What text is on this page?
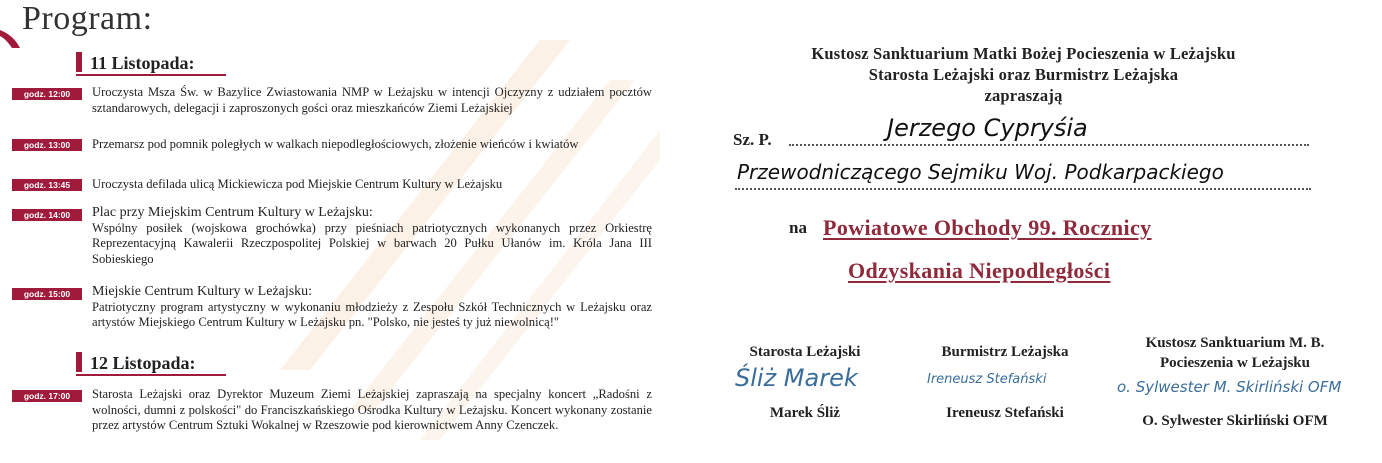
Program:
11 Listopada:
godz. 12:00	Uroczysta Msza Św. w Bazylice Zwiastowania NMP w Leżajsku w intencji Ojczyzny z udziałem pocztów sztandarowych, delegacji i zaproszonych gości oraz mieszkańców Ziemi Leżajskiej
godz. 13:00	Przemarsz pod pomnik poległych w walkach niepodległościowych, złożenie wieńców i kwiatów
godz. 13:45	Uroczysta defilada ulicą Mickiewicza pod Miejskie Centrum Kultury w Leżajsku
godz. 14:00	Plac przy Miejskim Centrum Kultury w Leżajsku:
Wspólny posiłek (wojskowa grochówka) przy pieśniach patriotycznych wykonanych przez Orkiestrę Reprezentacyjną Kawalerii Rzeczpospolitej Polskiej w barwach 20 Pułku Ułanów im. Króla Jana III Sobieskiego
godz. 15:00	Miejskie Centrum Kultury w Leżajsku:
Patriotyczny program artystyczny w wykonaniu młodzieży z Zespołu Szkół Technicznych w Leżajsku oraz artystów Miejskiego Centrum Kultury w Leżajsku pn. "Polsko, nie jesteś ty już niewolnicą!"
12 Listopada:
godz. 17:00	Starosta Leżajski oraz Dyrektor Muzeum Ziemi Leżajskiej zapraszają na specjalny koncert „Radośni z wolności, dumni z polskości" do Franciszkańskiego Ośrodka Kultury w Leżajsku. Koncert wykonany zostanie przez artystów Centrum Sztuki Wokalnej w Rzeszowie pod kierownictwem Anny Czenczek.
Kustosz Sanktuarium Matki Bożej Pocieszenia w Leżajsku
Starosta Leżajski oraz Burmistrz Leżajska
zapraszają
Sz. P.	Jerzego Cypryśia
Przewodniczącego Sejmiku Woj. Podkarpackiego
na Powiatowe Obchody 99. Rocznicy
Odzyskania Niepodległości
Starosta Leżajski
Śliż Marek
Marek Śliż
Burmistrz Leżajska
Ireneusz Stefański
Ireneusz Stefański
Kustosz Sanktuarium M. B. Pocieszenia w Leżajsku
o. Sylwester M. Skirliński OFM
O. Sylwester Skirliński OFM
